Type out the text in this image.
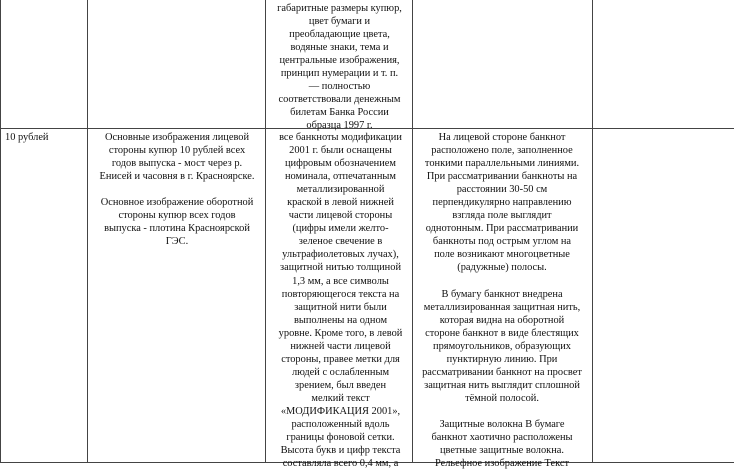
габаритные размеры купюр,

цвет бумаги и

преобладающие цвета,

водяные знаки, тема и

центральные изображения,

принцип нумерации и т. п.

— полностью

соответствовали денежным

билетам Банка России

образца 1997 г.

10 рублей	Основные изображения лицевой

стороны купюр 10 рублей всех

годов выпуска - мост через р.

Енисей и часовня в г. Красноярске.

Основное изображение оборотной

стороны купюр всех годов

выпуска - плотина Красноярской

ГЭС.

все банкноты модификации

2001 г. были оснащены

цифровым обозначением

номинала, отпечатанным

металлизированной

краской в левой нижней

части лицевой стороны

(цифры имели желто-

зеленое свечение в

ультрафиолетовых лучах),

защитной нитью толщиной

1,3 мм, а все символы

повторяющегося текста на

защитной нити были

выполнены на одном

уровне. Кроме того, в левой

нижней части лицевой

стороны, правее метки для

людей с ослабленным

зрением, был введен

мелкий текст

«МОДИФИКАЦИЯ 2001»,

расположенный вдоль

границы фоновой сетки.

Высота букв и цифр текста

составляла всего 0,4 мм, а

На лицевой стороне банкнот

расположено поле, заполненное

тонкими параллельными линиями.

При рассматривании банкноты на

расстоянии 30-50 см

перпендикулярно направлению

взгляда поле выглядит

однотонным. При рассматривании

банкноты под острым углом на

поле возникают многоцветные

(радужные) полосы.

В бумагу банкнот внедрена

металлизированная защитная нить,

которая видна на оборотной

стороне банкнот в виде блестящих

прямоугольников, образующих

пунктирную линию. При

рассматривании банкнот на просвет

защитная нить выглядит сплошной

тёмной полосой.

Защитные волокна В бумаге

банкнот хаотично расположены

цветные защитные волокна.

Рельефное изображение Текст
